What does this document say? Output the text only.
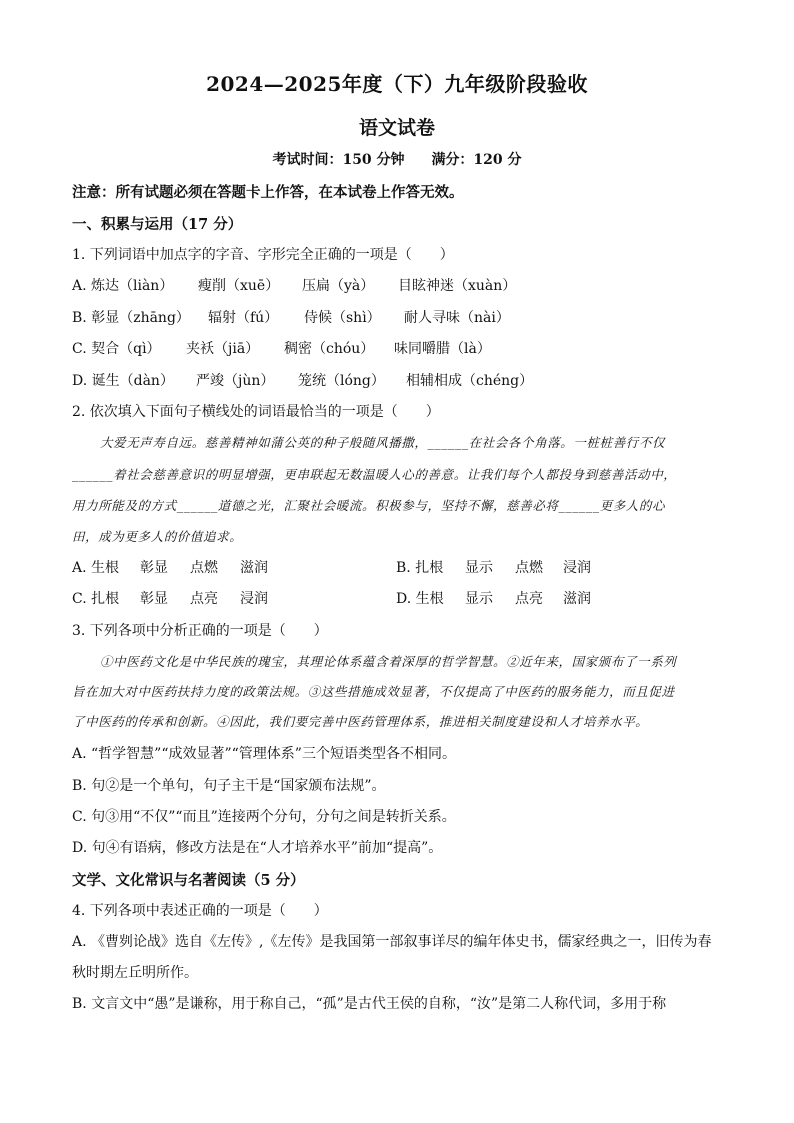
2024—2025年度（下）九年级阶段验收
语文试卷
考试时间：150 分钟 满分：120 分
注意：所有试题必须在答题卡上作答，在本试卷上作答无效。
一、积累与运用（17 分）
1. 下列词语中加点字的字音、字形完全正确的一项是（　　）
A. 炼达（liàn） 瘦削（xuē） 压扁（yà） 目眩神迷（xuàn）
B. 彰显（zhāng） 辐射（fú） 侍候（shì） 耐人寻味（nài）
C. 契合（qì） 夹袄（jiā） 稠密（chóu） 味同嚼腊（là）
D. 诞生（dàn） 严竣（jùn） 笼统（lóng） 相辅相成（chéng）
2. 依次填入下面句子横线处的词语最恰当的一项是（　　）
大爱无声寿自远。慈善精神如蒲公英的种子般随风播撒，______在社会各个角落。一桩桩善行不仅
______着社会慈善意识的明显增强，更串联起无数温暖人心的善意。让我们每个人都投身到慈善活动中，
用力所能及的方式______道德之光，汇聚社会暖流。积极参与，坚持不懈，慈善必将______更多人的心
田，成为更多人的价值追求。
A. 生根 彰显 点燃 滋润	B. 扎根 显示 点燃 浸润
C. 扎根 彰显 点亮 浸润	D. 生根 显示 点亮 滋润
3. 下列各项中分析正确的一项是（　　）
①中医药文化是中华民族的瑰宝，其理论体系蕴含着深厚的哲学智慧。②近年来，国家颁布了一系列
旨在加大对中医药扶持力度的政策法规。③这些措施成效显著，不仅提高了中医药的服务能力，而且促进
了中医药的传承和创新。④因此，我们要完善中医药管理体系，推进相关制度建设和人才培养水平。
A. “哲学智慧”“成效显著”“管理体系”三个短语类型各不相同。
B. 句②是一个单句，句子主干是“国家颁布法规”。
C. 句③用“不仅”“而且”连接两个分句，分句之间是转折关系。
D. 句④有语病，修改方法是在“人才培养水平”前加“提高”。
文学、文化常识与名著阅读（5 分）
4. 下列各项中表述正确的一项是（　　）
A. 《曹刿论战》选自《左传》,《左传》是我国第一部叙事详尽的编年体史书，儒家经典之一，旧传为春
秋时期左丘明所作。
B. 文言文中“愚”是谦称，用于称自己，“孤”是古代王侯的自称，“汝”是第二人称代词，多用于称
